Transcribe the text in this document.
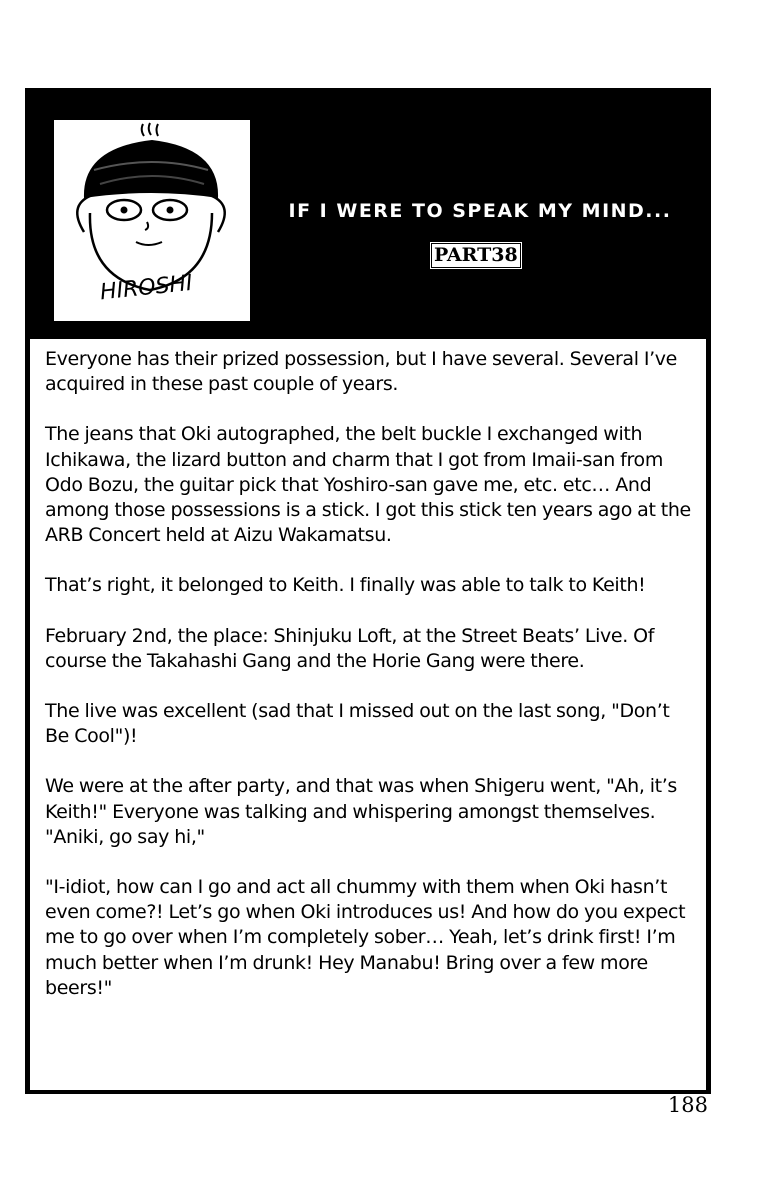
HIROSHI
IF I WERE TO SPEAK MY MIND...
PART38

Everyone has their prized possession, but I have several. Several I’ve acquired in these past couple of years.

The jeans that Oki autographed, the belt buckle I exchanged with Ichikawa, the lizard button and charm that I got from Imaii-san from Odo Bozu, the guitar pick that Yoshiro-san gave me, etc. etc… And among those possessions is a stick. I got this stick ten years ago at the ARB Concert held at Aizu Wakamatsu.

That’s right, it belonged to Keith. I finally was able to talk to Keith!

February 2nd, the place: Shinjuku Loft, at the Street Beats’ Live. Of course the Takahashi Gang and the Horie Gang were there.

The live was excellent (sad that I missed out on the last song, "Don’t Be Cool")!

We were at the after party, and that was when Shigeru went, "Ah, it’s Keith!" Everyone was talking and whispering amongst themselves. "Aniki, go say hi,"

"I-idiot, how can I go and act all chummy with them when Oki hasn’t even come?! Let’s go when Oki introduces us! And how do you expect me to go over when I’m completely sober… Yeah, let’s drink first! I’m much better when I’m drunk! Hey Manabu! Bring over a few more beers!"

188
